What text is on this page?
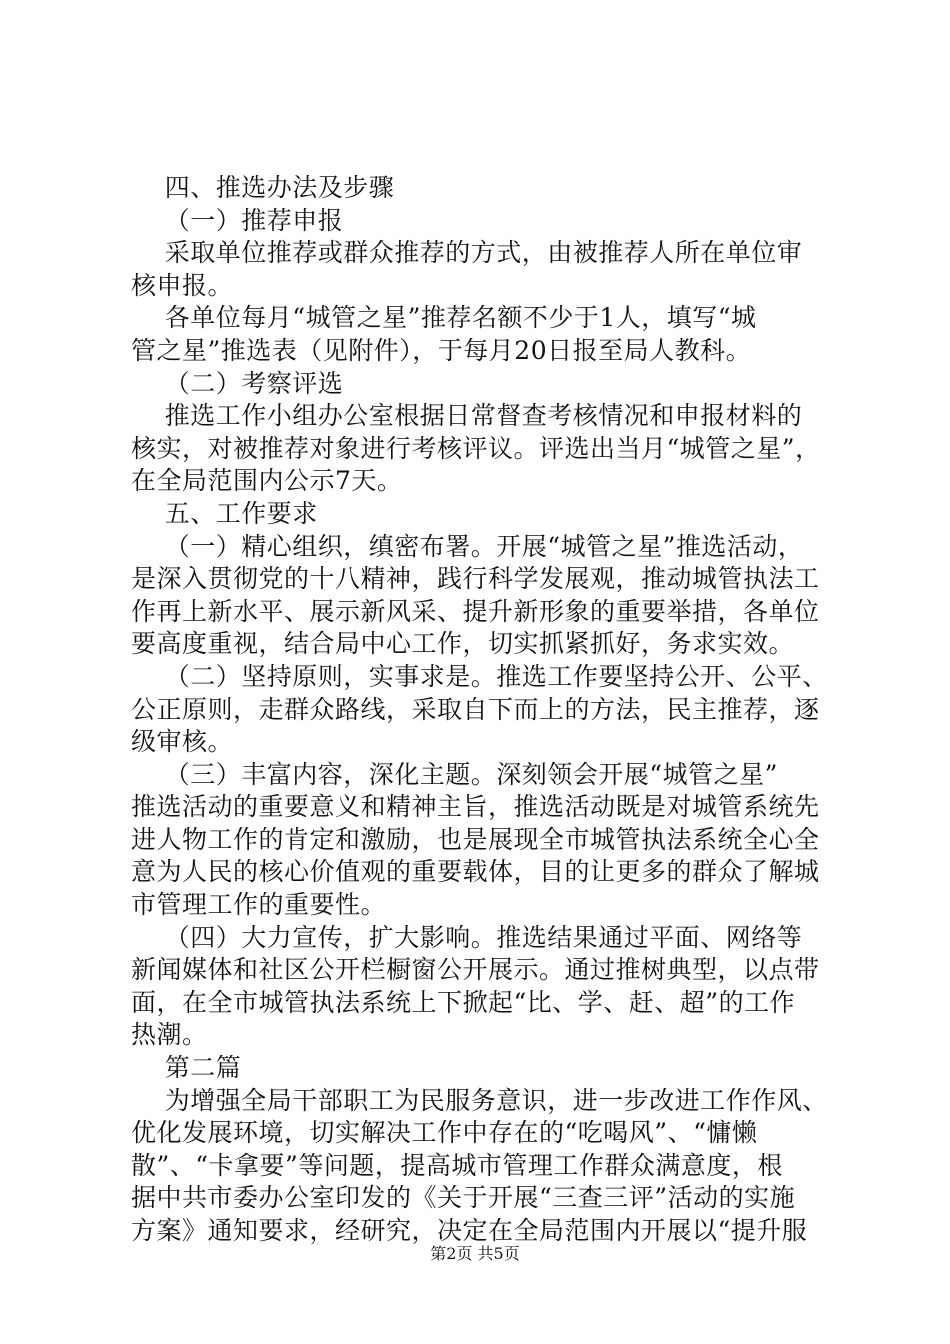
四、推选办法及步骤
（一）推荐申报
采取单位推荐或群众推荐的方式，由被推荐人所在单位审
核申报。
各单位每月“城管之星”推荐名额不少于1人，填写“城
管之星”推选表（见附件），于每月20日报至局人教科。
（二）考察评选
推选工作小组办公室根据日常督查考核情况和申报材料的
核实，对被推荐对象进行考核评议。评选出当月“城管之星”，
在全局范围内公示7天。
五、工作要求
（一）精心组织，缜密布署。开展“城管之星”推选活动，
是深入贯彻党的十八精神，践行科学发展观，推动城管执法工
作再上新水平、展示新风采、提升新形象的重要举措，各单位
要高度重视，结合局中心工作，切实抓紧抓好，务求实效。
（二）坚持原则，实事求是。推选工作要坚持公开、公平、
公正原则，走群众路线，采取自下而上的方法，民主推荐，逐
级审核。
（三）丰富内容，深化主题。深刻领会开展“城管之星”
推选活动的重要意义和精神主旨，推选活动既是对城管系统先
进人物工作的肯定和激励，也是展现全市城管执法系统全心全
意为人民的核心价值观的重要载体，目的让更多的群众了解城
市管理工作的重要性。
（四）大力宣传，扩大影响。推选结果通过平面、网络等
新闻媒体和社区公开栏橱窗公开展示。通过推树典型，以点带
面，在全市城管执法系统上下掀起“比、学、赶、超”的工作
热潮。
第二篇
为增强全局干部职工为民服务意识，进一步改进工作作风、
优化发展环境，切实解决工作中存在的“吃喝风”、“慵懒
散”、“卡拿要”等问题，提高城市管理工作群众满意度，根
据中共市委办公室印发的《关于开展“三查三评”活动的实施
方案》通知要求，经研究，决定在全局范围内开展以“提升服
第2页 共5页
